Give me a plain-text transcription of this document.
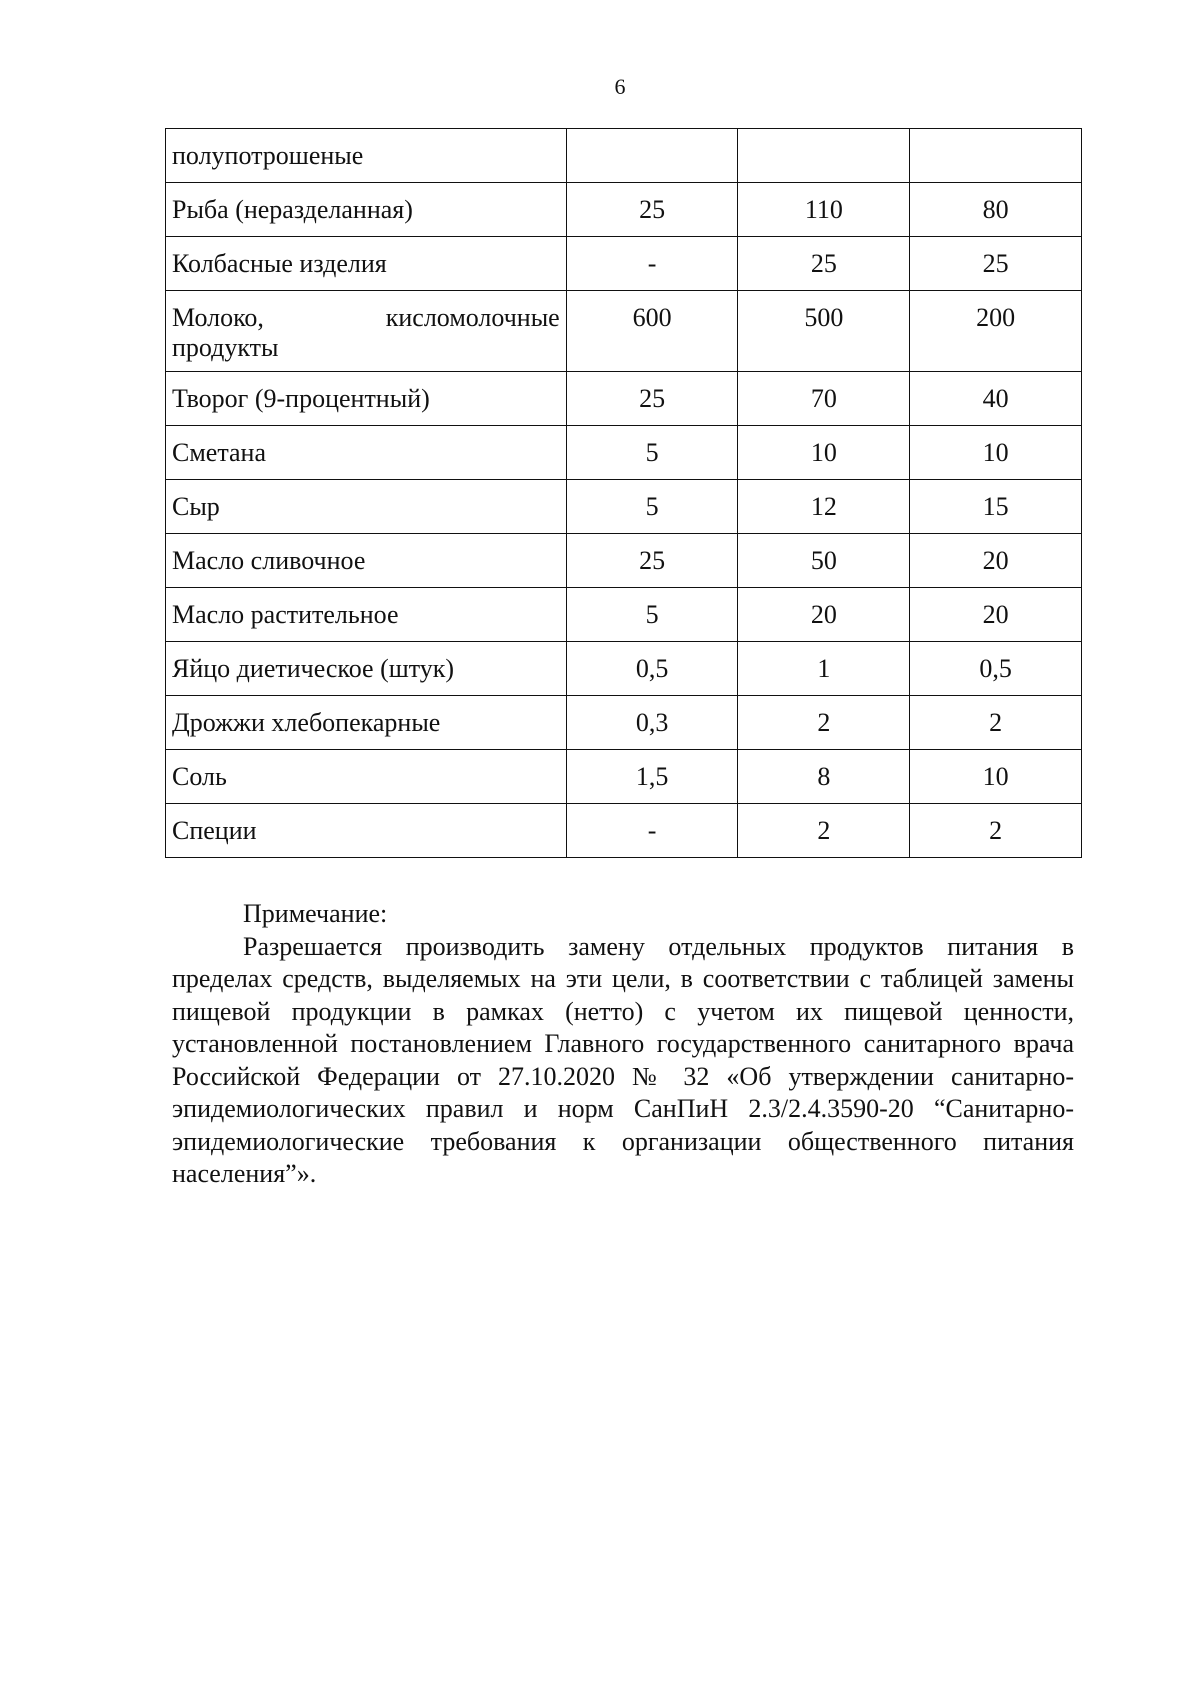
6
полупотрошеные			
Рыба (неразделанная)	25	110	80
Колбасные изделия	-	25	25

Молоко, кисломолочные
продукты	600	500	200
Творог (9-процентный)	25	70	40
Сметана	5	10	10
Сыр	5	12	15
Масло сливочное	25	50	20
Масло растительное	5	20	20
Яйцо диетическое (штук)	0,5	1	0,5
Дрожжи хлебопекарные	0,3	2	2
Соль	1,5	8	10
Специи	-	2	2
Примечание:
Разрешается производить замену отдельных продуктов питания в пределах средств, выделяемых на эти цели, в соответствии с таблицей замены пищевой продукции в рамках (нетто) с учетом их пищевой ценности, установленной постановлением Главного государственного санитарного врача Российской Федерации от 27.10.2020 № 32 «Об утверждении санитарно-эпидемиологических правил и норм СанПиН 2.3/2.4.3590-20 “Санитарно-эпидемиологические требования к организации общественного питания населения”».
